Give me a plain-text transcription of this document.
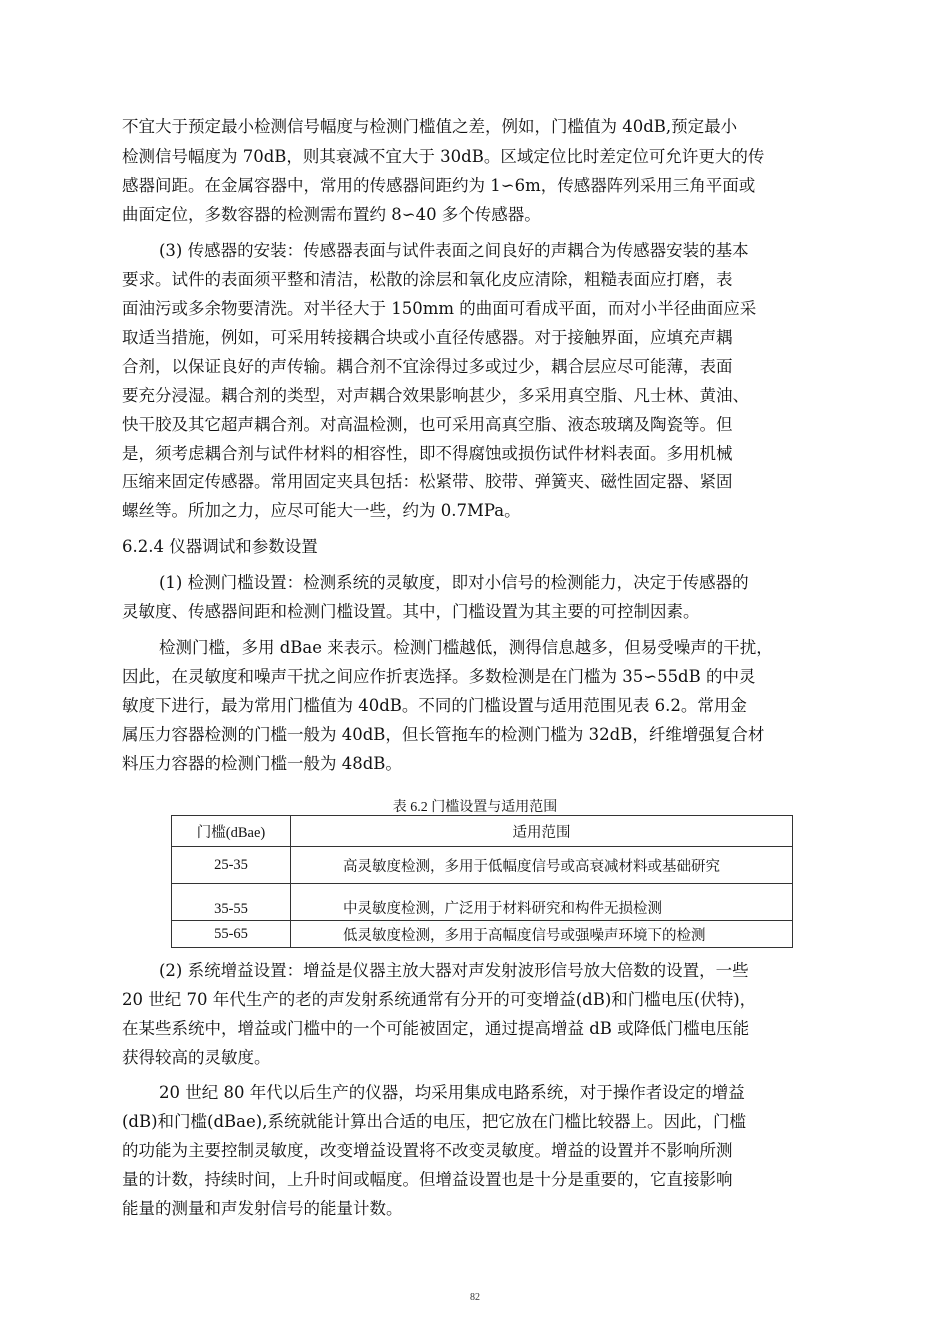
不宜大于预定最小检测信号幅度与检测门槛值之差，例如，门槛值为 40dB,预定最小
检测信号幅度为 70dB，则其衰减不宜大于 30dB。区域定位比时差定位可允许更大的传
感器间距。在金属容器中，常用的传感器间距约为 1∽6m，传感器阵列采用三角平面或
曲面定位，多数容器的检测需布置约 8∽40 多个传感器。
(3) 传感器的安装：传感器表面与试件表面之间良好的声耦合为传感器安装的基本
要求。试件的表面须平整和清洁，松散的涂层和氧化皮应清除，粗糙表面应打磨，表
面油污或多余物要清洗。对半径大于 150mm 的曲面可看成平面，而对小半径曲面应采
取适当措施，例如，可采用转接耦合块或小直径传感器。对于接触界面，应填充声耦
合剂，以保证良好的声传输。耦合剂不宜涂得过多或过少，耦合层应尽可能薄，表面
要充分浸湿。耦合剂的类型，对声耦合效果影响甚少，多采用真空脂、凡士林、黄油、
快干胶及其它超声耦合剂。对高温检测，也可采用高真空脂、液态玻璃及陶瓷等。但
是，须考虑耦合剂与试件材料的相容性，即不得腐蚀或损伤试件材料表面。多用机械
压缩来固定传感器。常用固定夹具包括：松紧带、胶带、弹簧夹、磁性固定器、紧固
螺丝等。所加之力，应尽可能大一些，约为 0.7MPa。
6.2.4 仪器调试和参数设置
(1) 检测门槛设置：检测系统的灵敏度，即对小信号的检测能力，决定于传感器的
灵敏度、传感器间距和检测门槛设置。其中，门槛设置为其主要的可控制因素。
检测门槛，多用 dBae 来表示。检测门槛越低，测得信息越多，但易受噪声的干扰，
因此，在灵敏度和噪声干扰之间应作折衷选择。多数检测是在门槛为 35∽55dB 的中灵
敏度下进行，最为常用门槛值为 40dB。不同的门槛设置与适用范围见表 6.2。常用金
属压力容器检测的门槛一般为 40dB，但长管拖车的检测门槛为 32dB，纤维增强复合材
料压力容器的检测门槛一般为 48dB。
表 6.2 门槛设置与适用范围
门槛(dBae)	适用范围
25-35	高灵敏度检测，多用于低幅度信号或高衰减材料或基础研究
35-55	中灵敏度检测，广泛用于材料研究和构件无损检测
55-65	低灵敏度检测，多用于高幅度信号或强噪声环境下的检测
(2) 系统增益设置：增益是仪器主放大器对声发射波形信号放大倍数的设置，一些
20 世纪 70 年代生产的老的声发射系统通常有分开的可变增益(dB)和门槛电压(伏特)，
在某些系统中，增益或门槛中的一个可能被固定，通过提高增益 dB 或降低门槛电压能
获得较高的灵敏度。
20 世纪 80 年代以后生产的仪器，均采用集成电路系统，对于操作者设定的增益
(dB)和门槛(dBae),系统就能计算出合适的电压，把它放在门槛比较器上。因此，门槛
的功能为主要控制灵敏度，改变增益设置将不改变灵敏度。增益的设置并不影响所测
量的计数，持续时间，上升时间或幅度。但增益设置也是十分是重要的，它直接影响
能量的测量和声发射信号的能量计数。
82
